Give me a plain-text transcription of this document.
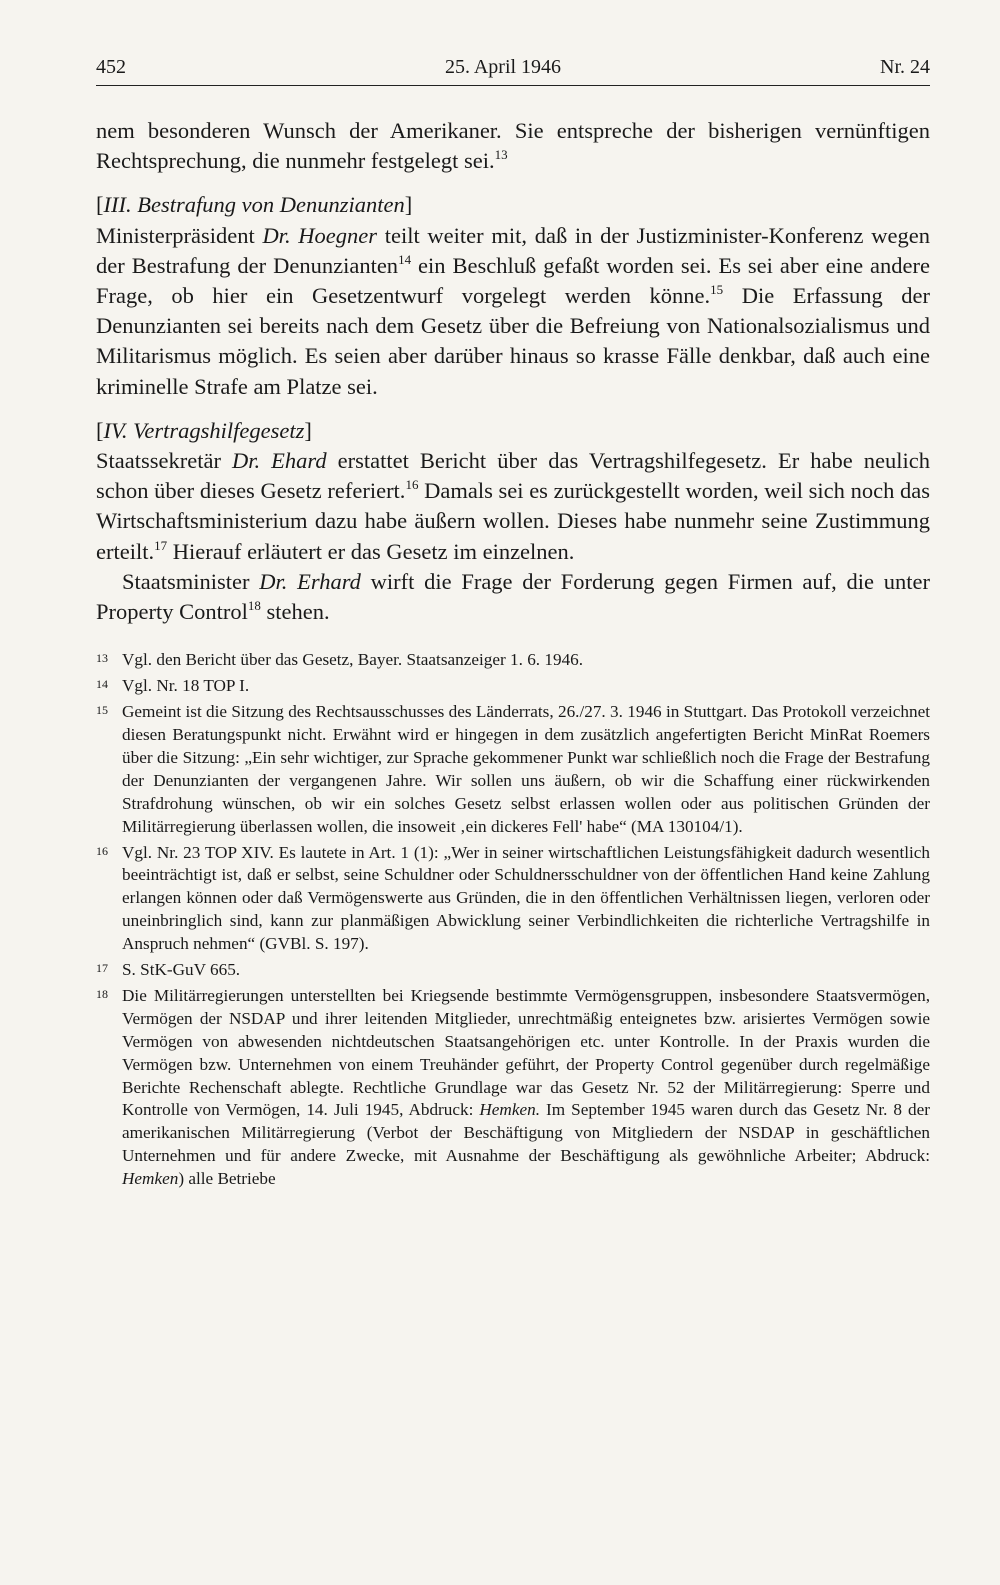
452	25. April 1946	Nr. 24

nem besonderen Wunsch der Amerikaner. Sie entspreche der bisherigen vernünftigen Rechtsprechung, die nunmehr festgelegt sei.$^{13}$

[III. Bestrafung von Denunzianten]

Ministerpräsident Dr. Hoegner teilt weiter mit, daß in der Justizminister-Konferenz wegen der Bestrafung der Denunzianten$^{14}$ ein Beschluß gefaßt worden sei. Es sei aber eine andere Frage, ob hier ein Gesetzentwurf vorgelegt werden könne.$^{15}$ Die Erfassung der Denunzianten sei bereits nach dem Gesetz über die Befreiung von Nationalsozialismus und Militarismus möglich. Es seien aber darüber hinaus so krasse Fälle denkbar, daß auch eine kriminelle Strafe am Platze sei.

[IV. Vertragshilfegesetz]

Staatssekretär Dr. Ehard erstattet Bericht über das Vertragshilfegesetz. Er habe neulich schon über dieses Gesetz referiert.$^{16}$ Damals sei es zurückgestellt worden, weil sich noch das Wirtschaftsministerium dazu habe äußern wollen. Dieses habe nunmehr seine Zustimmung erteilt.$^{17}$ Hierauf erläutert er das Gesetz im einzelnen.

Staatsminister Dr. Erhard wirft die Frage der Forderung gegen Firmen auf, die unter Property Control$^{18}$ stehen.

13 Vgl. den Bericht über das Gesetz, Bayer. Staatsanzeiger 1. 6. 1946.
14 Vgl. Nr. 18 TOP I.
15 Gemeint ist die Sitzung des Rechtsausschusses des Länderrats, 26./27. 3. 1946 in Stuttgart. Das Protokoll verzeichnet diesen Beratungspunkt nicht. Erwähnt wird er hingegen in dem zusätzlich angefertigten Bericht MinRat Roemers über die Sitzung: „Ein sehr wichtiger, zur Sprache gekommener Punkt war schließlich noch die Frage der Bestrafung der Denunzianten der vergangenen Jahre. Wir sollen uns äußern, ob wir die Schaffung einer rückwirkenden Strafdrohung wünschen, ob wir ein solches Gesetz selbst erlassen wollen oder aus politischen Gründen der Militärregierung überlassen wollen, die insoweit ‚ein dickeres Fell' habe“ (MA 130104/1).
16 Vgl. Nr. 23 TOP XIV. Es lautete in Art. 1 (1): „Wer in seiner wirtschaftlichen Leistungsfähigkeit dadurch wesentlich beeinträchtigt ist, daß er selbst, seine Schuldner oder Schuldnersschuldner von der öffentlichen Hand keine Zahlung erlangen können oder daß Vermögenswerte aus Gründen, die in den öffentlichen Verhältnissen liegen, verloren oder uneinbringlich sind, kann zur planmäßigen Abwicklung seiner Verbindlichkeiten die richterliche Vertragshilfe in Anspruch nehmen“ (GVBl. S. 197).
17 S. StK-GuV 665.
18 Die Militärregierungen unterstellten bei Kriegsende bestimmte Vermögensgruppen, insbesondere Staatsvermögen, Vermögen der NSDAP und ihrer leitenden Mitglieder, unrechtmäßig enteignetes bzw. arisiertes Vermögen sowie Vermögen von abwesenden nichtdeutschen Staatsangehörigen etc. unter Kontrolle. In der Praxis wurden die Vermögen bzw. Unternehmen von einem Treuhänder geführt, der Property Control gegenüber durch regelmäßige Berichte Rechenschaft ablegte. Rechtliche Grundlage war das Gesetz Nr. 52 der Militärregierung: Sperre und Kontrolle von Vermögen, 14. Juli 1945, Abdruck: Hemken. Im September 1945 waren durch das Gesetz Nr. 8 der amerikanischen Militärregierung (Verbot der Beschäftigung von Mitgliedern der NSDAP in geschäftlichen Unternehmen und für andere Zwecke, mit Ausnahme der Beschäftigung als gewöhnliche Arbeiter; Abdruck: Hemken) alle Betriebe
